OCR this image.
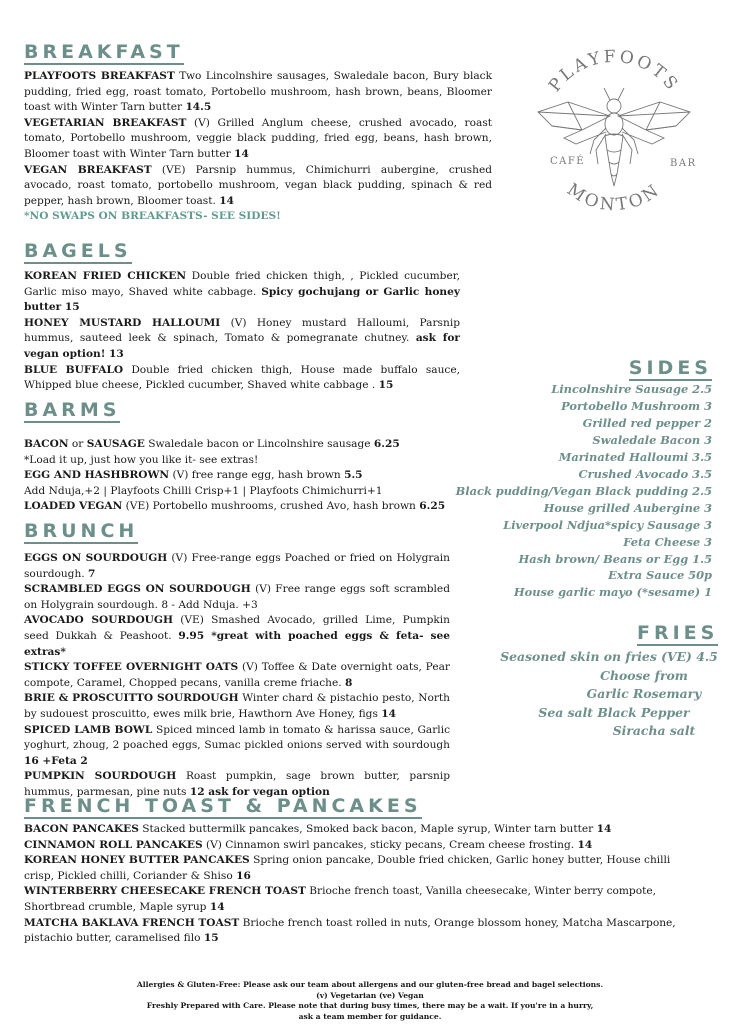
PLAYFOOTS
MONTON
CAFÉ	BAR
BREAKFAST

PLAYFOOTS BREAKFAST Two Lincolnshire sausages, Swaledale bacon, Bury black pudding, fried egg, roast tomato, Portobello mushroom, hash brown, beans, Bloomer toast with Winter Tarn butter 14.5

VEGETARIAN BREAKFAST (V) Grilled Anglum cheese, crushed avocado, roast tomato, Portobello mushroom, veggie black pudding, fried egg, beans, hash brown, Bloomer toast with Winter Tarn butter 14

VEGAN BREAKFAST (VE) Parsnip hummus, Chimichurri aubergine, crushed avocado, roast tomato, portobello mushroom, vegan black pudding, spinach & red pepper, hash brown, Bloomer toast. 14

*NO SWAPS ON BREAKFASTS- SEE SIDES!

BAGELS

KOREAN FRIED CHICKEN Double fried chicken thigh, , Pickled cucumber, Garlic miso mayo, Shaved white cabbage. Spicy gochujang or Garlic honey butter 15

HONEY MUSTARD HALLOUMI (V) Honey mustard Halloumi, Parsnip hummus, sauteed leek & spinach, Tomato & pomegranate chutney. ask for vegan option! 13

BLUE BUFFALO Double fried chicken thigh, House made buffalo sauce, Whipped blue cheese, Pickled cucumber, Shaved white cabbage . 15

BARMS

BACON or SAUSAGE Swaledale bacon or Lincolnshire sausage 6.25

*Load it up, just how you like it- see extras!

EGG AND HASHBROWN (V) free range egg, hash brown 5.5

Add Nduja,+2 | Playfoots Chilli Crisp+1 | Playfoots Chimichurri+1

LOADED VEGAN (VE) Portobello mushrooms, crushed Avo, hash brown 6.25

BRUNCH

EGGS ON SOURDOUGH (V) Free-range eggs Poached or fried on Holygrain sourdough. 7

SCRAMBLED EGGS ON SOURDOUGH (V) Free range eggs soft scrambled on Holygrain sourdough. 8 - Add Nduja. +3

AVOCADO SOURDOUGH (VE) Smashed Avocado, grilled Lime, Pumpkin seed Dukkah & Peashoot. 9.95 *great with poached eggs & feta- see extras*

STICKY TOFFEE OVERNIGHT OATS (V) Toffee & Date overnight oats, Pear compote, Caramel, Chopped pecans, vanilla creme friache. 8

BRIE & PROSCUITTO SOURDOUGH Winter chard & pistachio pesto, North by sudouest proscuitto, ewes milk brie, Hawthorn Ave Honey, figs 14

SPICED LAMB BOWL Spiced minced lamb in tomato & harissa sauce, Garlic yoghurt, zhoug, 2 poached eggs, Sumac pickled onions served with sourdough 16 +Feta 2

PUMPKIN SOURDOUGH Roast pumpkin, sage brown butter, parsnip hummus, parmesan, pine nuts 12 ask for vegan option

FRENCH TOAST & PANCAKES

BACON PANCAKES Stacked buttermilk pancakes, Smoked back bacon, Maple syrup, Winter tarn butter 14

CINNAMON ROLL PANCAKES (V) Cinnamon swirl pancakes, sticky pecans, Cream cheese frosting. 14

KOREAN HONEY BUTTER PANCAKES Spring onion pancake, Double fried chicken, Garlic honey butter, House chilli crisp, Pickled chilli, Coriander & Shiso 16

WINTERBERRY CHEESECAKE FRENCH TOAST Brioche french toast, Vanilla cheesecake, Winter berry compote, Shortbread crumble, Maple syrup 14

MATCHA BAKLAVA FRENCH TOAST Brioche french toast rolled in nuts, Orange blossom honey, Matcha Mascarpone, pistachio butter, caramelised filo 15

SIDES
Lincolnshire Sausage 2.5
Portobello Mushroom 3
Grilled red pepper 2
Swaledale Bacon 3
Marinated Halloumi 3.5
Crushed Avocado 3.5
Black pudding/Vegan Black pudding 2.5
House grilled Aubergine 3
Liverpool Ndjua*spicy Sausage 3
Feta Cheese 3
Hash brown/ Beans or Egg 1.5
Extra Sauce 50p
House garlic mayo (*sesame) 1
FRIES
Seasoned skin on fries (VE) 4.5
Choose from
Garlic Rosemary
Sea salt Black Pepper
Siracha salt
Allergies & Gluten-Free: Please ask our team about allergens and our gluten-free bread and bagel selections.
(v) Vegetarian (ve) Vegan
Freshly Prepared with Care. Please note that during busy times, there may be a wait. If you're in a hurry,
ask a team member for guidance.
